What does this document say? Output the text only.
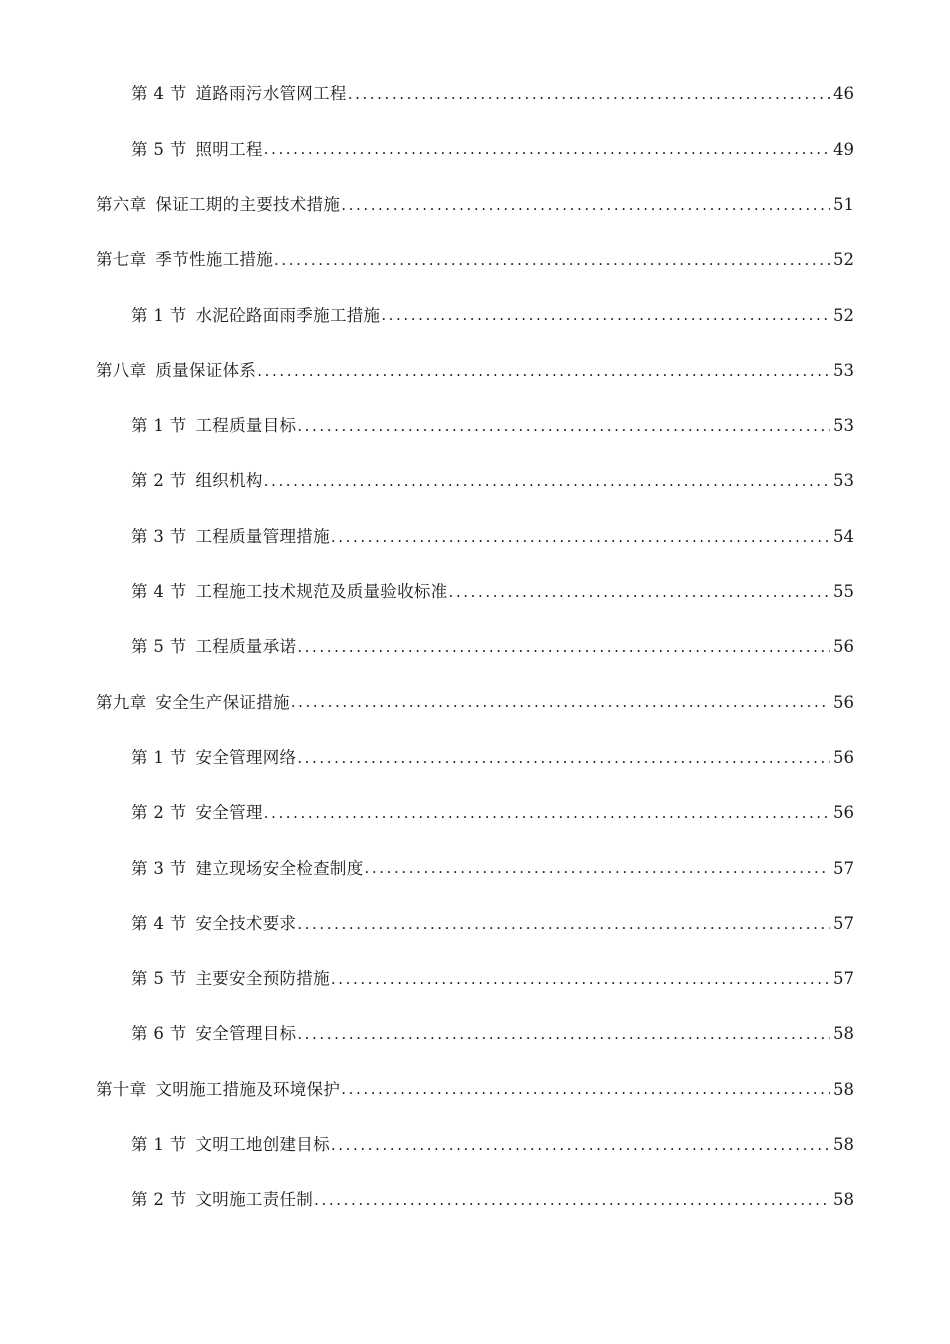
第 4 节 道路雨污水管网工程 .....	46
第 5 节 照明工程 .....	49
第六章 保证工期的主要技术措施 .....	51
第七章 季节性施工措施 .....	52
第 1 节 水泥砼路面雨季施工措施 .....	52
第八章 质量保证体系 .....	53
第 1 节 工程质量目标 .....	53
第 2 节 组织机构 .....	53
第 3 节 工程质量管理措施 .....	54
第 4 节 工程施工技术规范及质量验收标准 .....	55
第 5 节 工程质量承诺 .....	56
第九章 安全生产保证措施 .....	56
第 1 节 安全管理网络 .....	56
第 2 节 安全管理 .....	56
第 3 节 建立现场安全检查制度 .....	57
第 4 节 安全技术要求 .....	57
第 5 节 主要安全预防措施 .....	57
第 6 节 安全管理目标 .....	58
第十章 文明施工措施及环境保护 .....	58
第 1 节 文明工地创建目标 .....	58
第 2 节 文明施工责任制 .....	58
